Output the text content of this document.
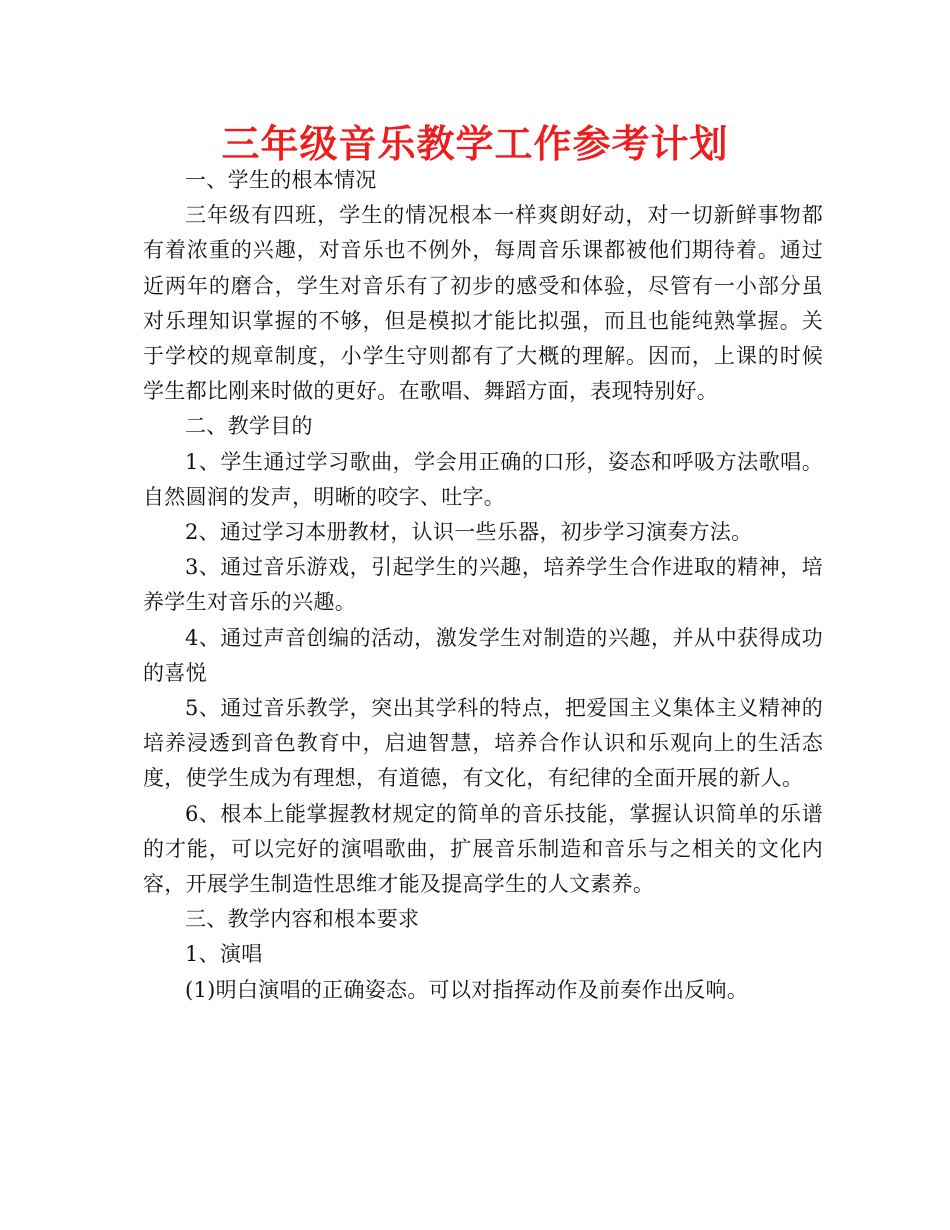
三年级音乐教学工作参考计划

一、学生的根本情况

三年级有四班，学生的情况根本一样爽朗好动，对一切新鲜事物都有着浓重的兴趣，对音乐也不例外，每周音乐课都被他们期待着。通过近两年的磨合，学生对音乐有了初步的感受和体验，尽管有一小部分虽对乐理知识掌握的不够，但是模拟才能比拟强，而且也能纯熟掌握。关于学校的规章制度，小学生守则都有了大概的理解。因而，上课的时候学生都比刚来时做的更好。在歌唱、舞蹈方面，表现特别好。

二、教学目的

1、学生通过学习歌曲，学会用正确的口形，姿态和呼吸方法歌唱。自然圆润的发声，明晰的咬字、吐字。

2、通过学习本册教材，认识一些乐器，初步学习演奏方法。

3、通过音乐游戏，引起学生的兴趣，培养学生合作进取的精神，培养学生对音乐的兴趣。

4、通过声音创编的活动，激发学生对制造的兴趣，并从中获得成功的喜悦

5、通过音乐教学，突出其学科的特点，把爱国主义集体主义精神的培养浸透到音色教育中，启迪智慧，培养合作认识和乐观向上的生活态度，使学生成为有理想，有道德，有文化，有纪律的全面开展的新人。

6、根本上能掌握教材规定的简单的音乐技能，掌握认识简单的乐谱的才能，可以完好的演唱歌曲，扩展音乐制造和音乐与之相关的文化内容，开展学生制造性思维才能及提高学生的人文素养。

三、教学内容和根本要求

1、演唱

(1)明白演唱的正确姿态。可以对指挥动作及前奏作出反响。
